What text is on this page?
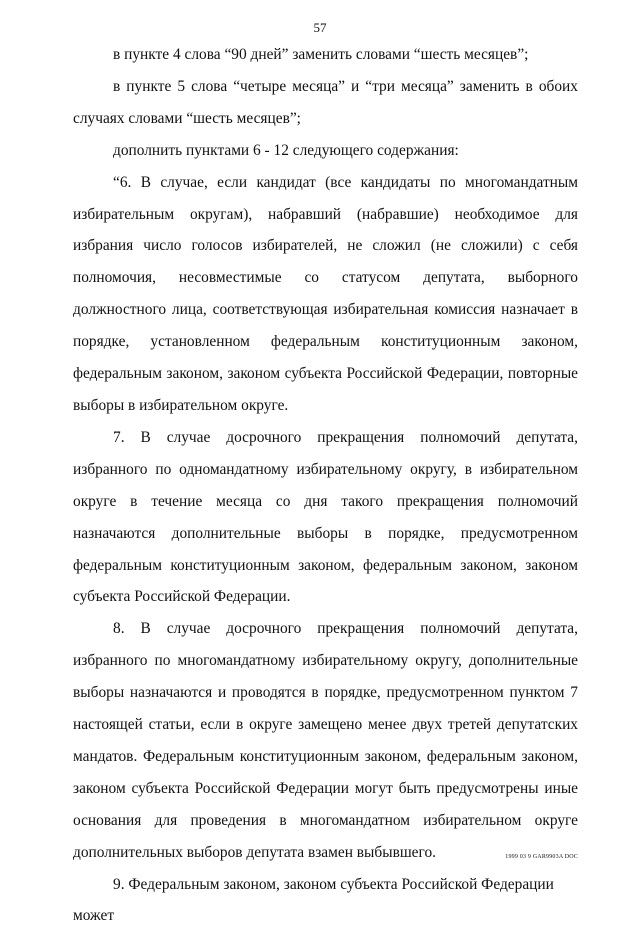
57

в пункте 4 слова “90 дней” заменить словами “шесть месяцев”;

в пункте 5 слова “четыре месяца” и “три месяца” заменить в обоих случаях словами “шесть месяцев”;

дополнить пунктами 6 - 12 следующего содержания:

“6. В случае, если кандидат (все кандидаты по многомандатным избирательным округам), набравший (набравшие) необходимое для избрания число голосов избирателей, не сложил (не сложили) с себя полномочия, несовместимые со статусом депутата, выборного должностного лица, соответствующая избирательная комиссия назначает в порядке, установленном федеральным конституционным законом, федеральным законом, законом субъекта Российской Федерации, повторные выборы в избирательном округе.

7. В случае досрочного прекращения полномочий депутата, избранного по одномандатному избирательному округу, в избирательном округе в течение месяца со дня такого прекращения полномочий назначаются дополнительные выборы в порядке, предусмотренном федеральным конституционным законом, федеральным законом, законом субъекта Российской Федерации.

8. В случае досрочного прекращения полномочий депутата, избранного по многомандатному избирательному округу, дополнительные выборы назначаются и проводятся в порядке, предусмотренном пунктом 7 настоящей статьи, если в округе замещено менее двух третей депутатских мандатов. Федеральным конституционным законом, федеральным законом, законом субъекта Российской Федерации могут быть предусмотрены иные основания для проведения в многомандатном избирательном округе дополнительных выборов депутата взамен выбывшего.

9. Федеральным законом, законом субъекта Российской Федерации может

1999 03 9 GAR9903A DOC
